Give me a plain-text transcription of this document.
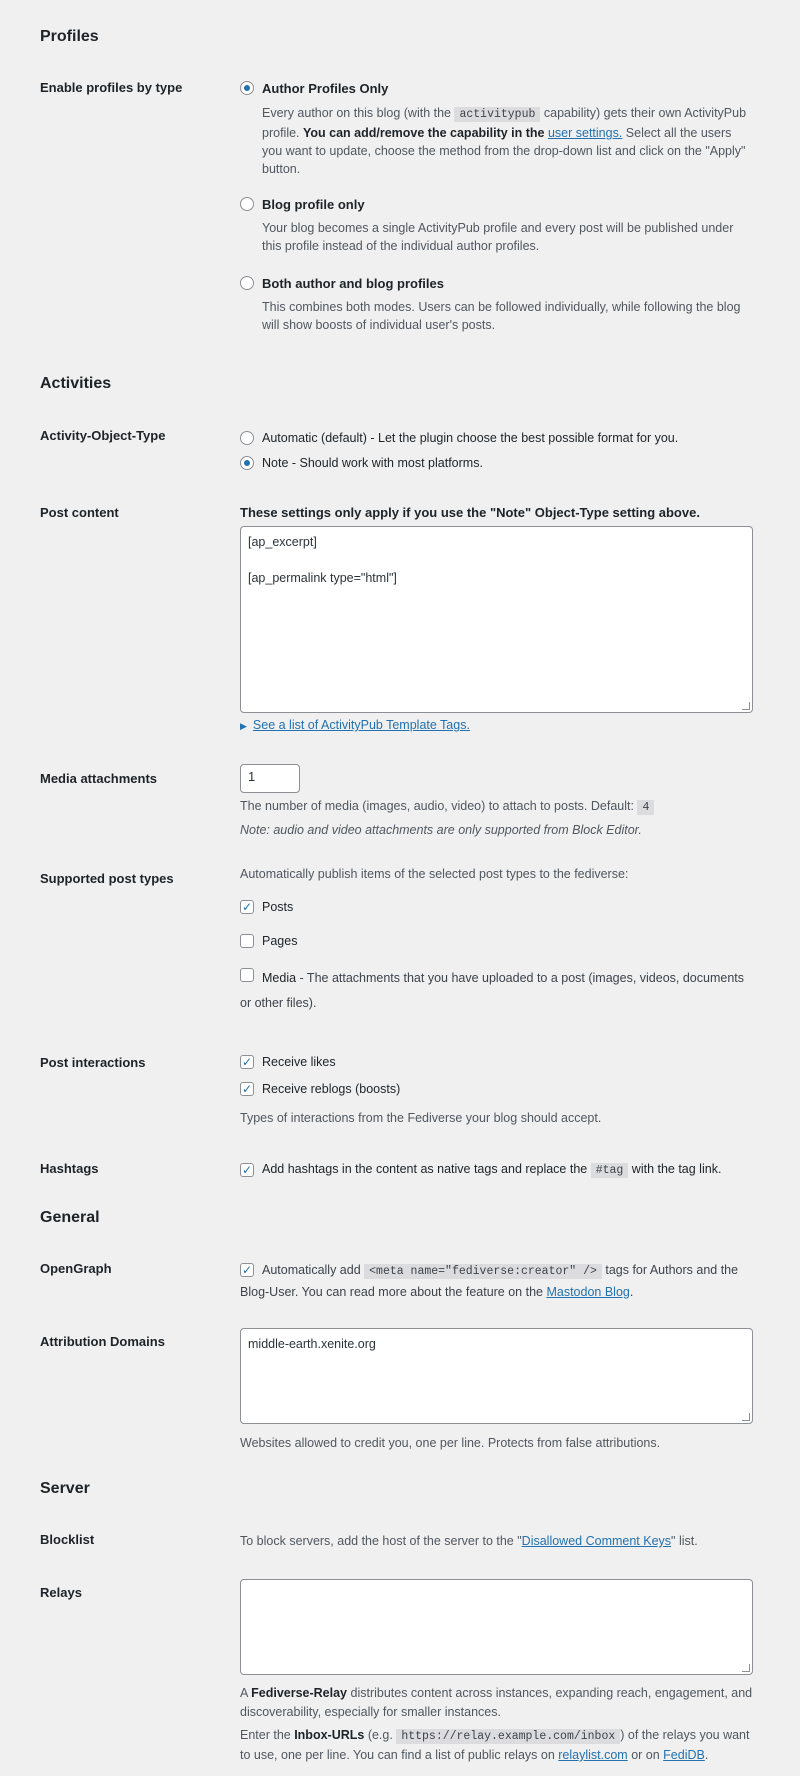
Profiles
Enable profiles by type	Author Profiles Only
Every author on this blog (with the activitypub capability) gets their own ActivityPub profile. You can add/remove the capability in the user settings. Select all the users you want to update, choose the method from the drop-down list and click on the "Apply" button.
Blog profile only
Your blog becomes a single ActivityPub profile and every post will be published under this profile instead of the individual author profiles.
Both author and blog profiles
This combines both modes. Users can be followed individually, while following the blog will show boosts of individual user's posts.
Activities
Activity-Object-Type	Automatic (default) - Let the plugin choose the best possible format for you.
Note - Should work with most platforms.
Post content	These settings only apply if you use the "Note" Object-Type setting above.
[ap_excerpt]

[ap_permalink type="html"]
▶ See a list of ActivityPub Template Tags.
Media attachments	1
The number of media (images, audio, video) to attach to posts. Default: 4
Note: audio and video attachments are only supported from Block Editor.
Supported post types	Automatically publish items of the selected post types to the fediverse:
✓ Posts
Pages
Media - The attachments that you have uploaded to a post (images, videos, documents or other files).
Post interactions	✓ Receive likes
✓ Receive reblogs (boosts)
Types of interactions from the Fediverse your blog should accept.
Hashtags	✓ Add hashtags in the content as native tags and replace the #tag with the tag link.
General
OpenGraph	✓ Automatically add <meta name="fediverse:creator" /> tags for Authors and the Blog-User. You can read more about the feature on the Mastodon Blog.
Attribution Domains	middle-earth.xenite.org
Websites allowed to credit you, one per line. Protects from false attributions.
Server
Blocklist	To block servers, add the host of the server to the "Disallowed Comment Keys" list.
Relays
A Fediverse-Relay distributes content across instances, expanding reach, engagement, and discoverability, especially for smaller instances.
Enter the Inbox-URLs (e.g. https://relay.example.com/inbox ) of the relays you want to use, one per line. You can find a list of public relays on relaylist.com or on FediDB.
